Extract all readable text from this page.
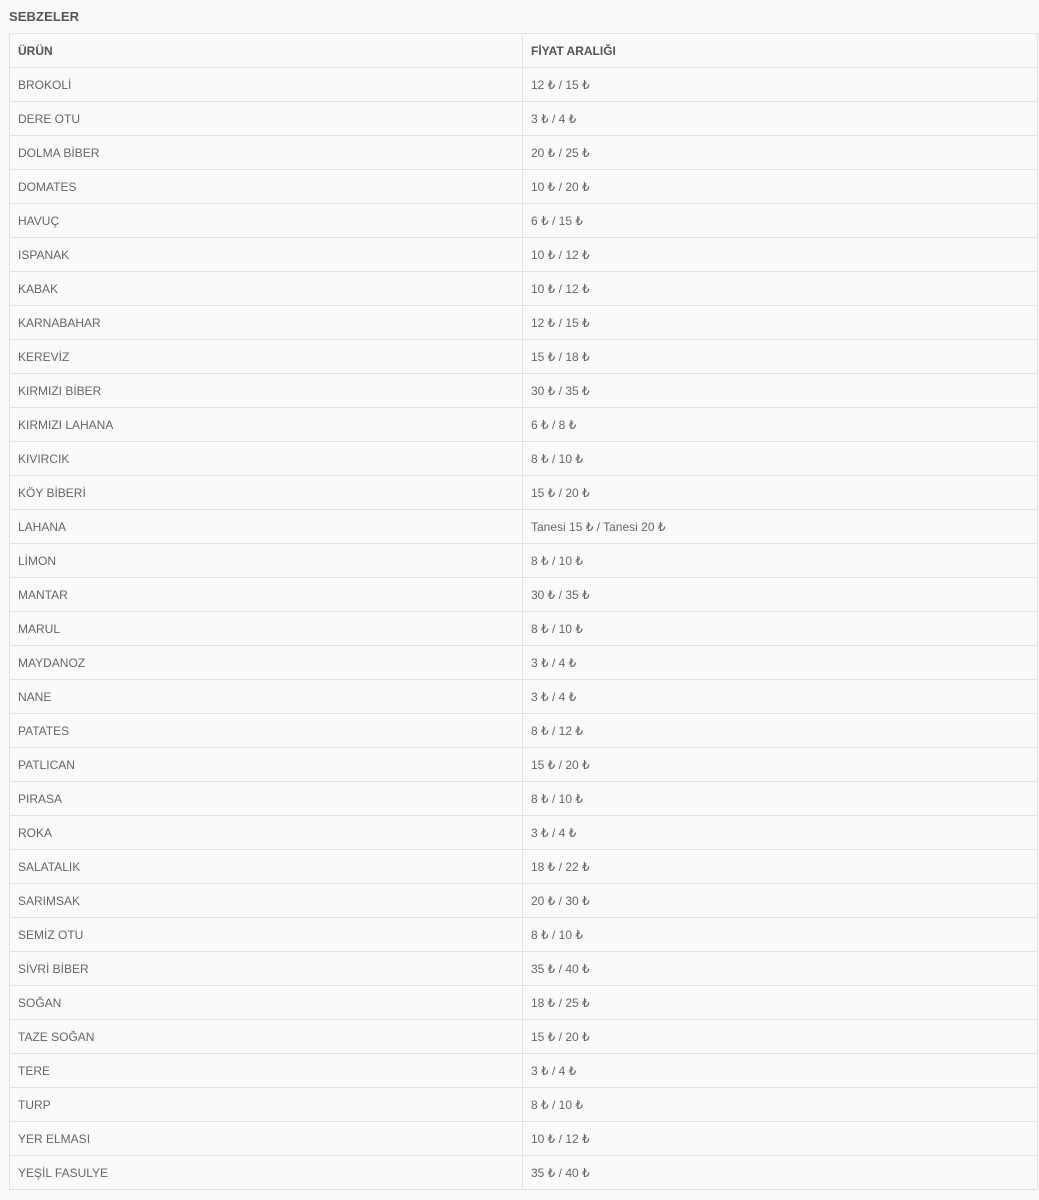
SEBZELER
ÜRÜN	FİYAT ARALIĞI
BROKOLİ	12 ₺ / 15 ₺
DERE OTU	3 ₺ / 4 ₺
DOLMA BİBER	20 ₺ / 25 ₺
DOMATES	10 ₺ / 20 ₺
HAVUÇ	6 ₺ / 15 ₺
ISPANAK	10 ₺ / 12 ₺
KABAK	10 ₺ / 12 ₺
KARNABAHAR	12 ₺ / 15 ₺
KEREVİZ	15 ₺ / 18 ₺
KIRMIZI BİBER	30 ₺ / 35 ₺
KIRMIZI LAHANA	6 ₺ / 8 ₺
KIVIRCIK	8 ₺ / 10 ₺
KÖY BİBERİ	15 ₺ / 20 ₺
LAHANA	Tanesi 15 ₺ / Tanesi 20 ₺
LİMON	8 ₺ / 10 ₺
MANTAR	30 ₺ / 35 ₺
MARUL	8 ₺ / 10 ₺
MAYDANOZ	3 ₺ / 4 ₺
NANE	3 ₺ / 4 ₺
PATATES	8 ₺ / 12 ₺
PATLICAN	15 ₺ / 20 ₺
PIRASA	8 ₺ / 10 ₺
ROKA	3 ₺ / 4 ₺
SALATALIK	18 ₺ / 22 ₺
SARIMSAK	20 ₺ / 30 ₺
SEMİZ OTU	8 ₺ / 10 ₺
SİVRİ BİBER	35 ₺ / 40 ₺
SOĞAN	18 ₺ / 25 ₺
TAZE SOĞAN	15 ₺ / 20 ₺
TERE	3 ₺ / 4 ₺
TURP	8 ₺ / 10 ₺
YER ELMASI	10 ₺ / 12 ₺
YEŞİL FASULYE	35 ₺ / 40 ₺
